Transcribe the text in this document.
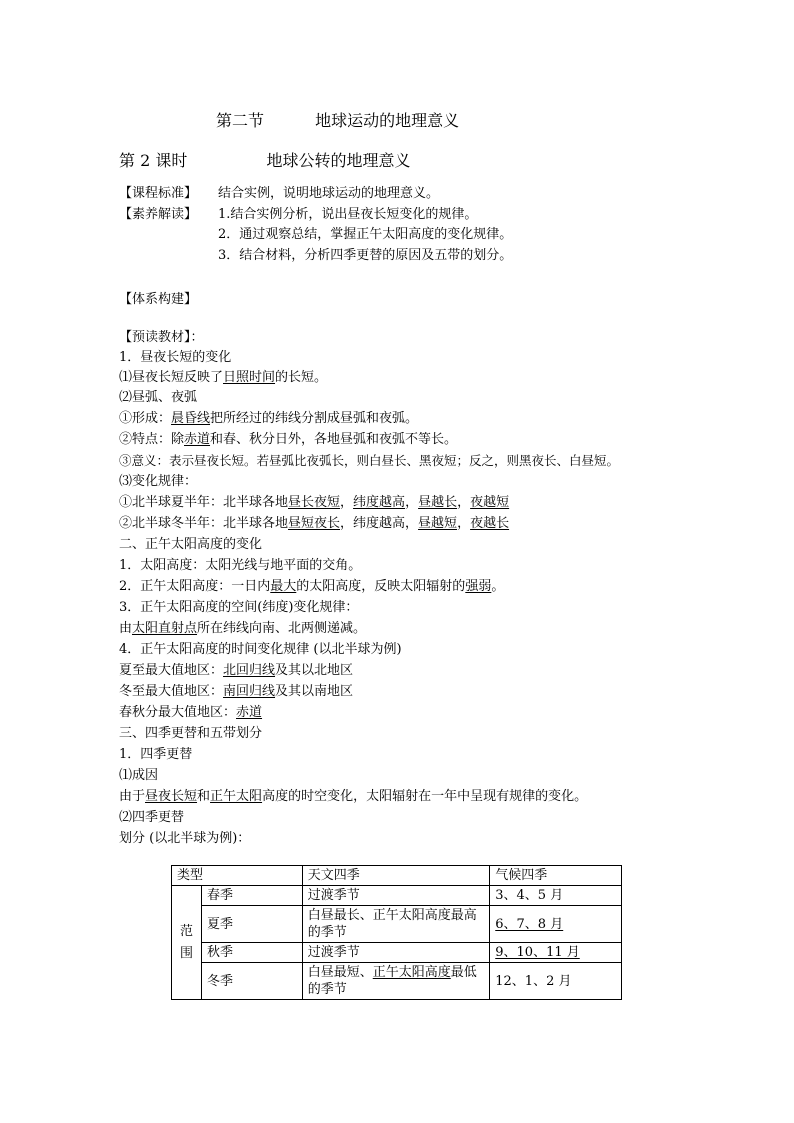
第二节	地球运动的地理意义
第 2 课时	地球公转的地理意义
【课程标准】 结合实例，说明地球运动的地理意义。
【素养解读】 1.结合实例分析，说出昼夜长短变化的规律。
2．通过观察总结，掌握正午太阳高度的变化规律。
3．结合材料，分析四季更替的原因及五带的划分。
【体系构建】
【预读教材】：
1．昼夜长短的变化
⑴昼夜长短反映了日照时间的长短。
⑵昼弧、夜弧
①形成：晨昏线把所经过的纬线分割成昼弧和夜弧。
②特点：除赤道和春、秋分日外，各地昼弧和夜弧不等长。
③意义：表示昼夜长短。若昼弧比夜弧长，则白昼长、黑夜短；反之，则黑夜长、白昼短。
⑶变化规律：
①北半球夏半年：北半球各地昼长夜短，纬度越高，昼越长，夜越短
②北半球冬半年：北半球各地昼短夜长，纬度越高，昼越短，夜越长
二、正午太阳高度的变化
1．太阳高度：太阳光线与地平面的交角。
2．正午太阳高度：一日内最大的太阳高度，反映太阳辐射的强弱。
3．正午太阳高度的空间(纬度)变化规律：
由太阳直射点所在纬线向南、北两侧递减。
4．正午太阳高度的时间变化规律 (以北半球为例)
夏至最大值地区：北回归线及其以北地区
冬至最大值地区：南回归线及其以南地区
春秋分最大值地区：赤道
三、四季更替和五带划分
1．四季更替
⑴成因
由于昼夜长短和正午太阳高度的时空变化，太阳辐射在一年中呈现有规律的变化。
⑵四季更替
划分 (以北半球为例)：
类型		天文四季	气候四季
范围	春季	过渡季节	3、4、5 月
	夏季	白昼最长、正午太阳高度最高的季节	6、7、8 月
	秋季	过渡季节	9、10、11 月
	冬季	白昼最短、正午太阳高度最低的季节	12、1、2 月
